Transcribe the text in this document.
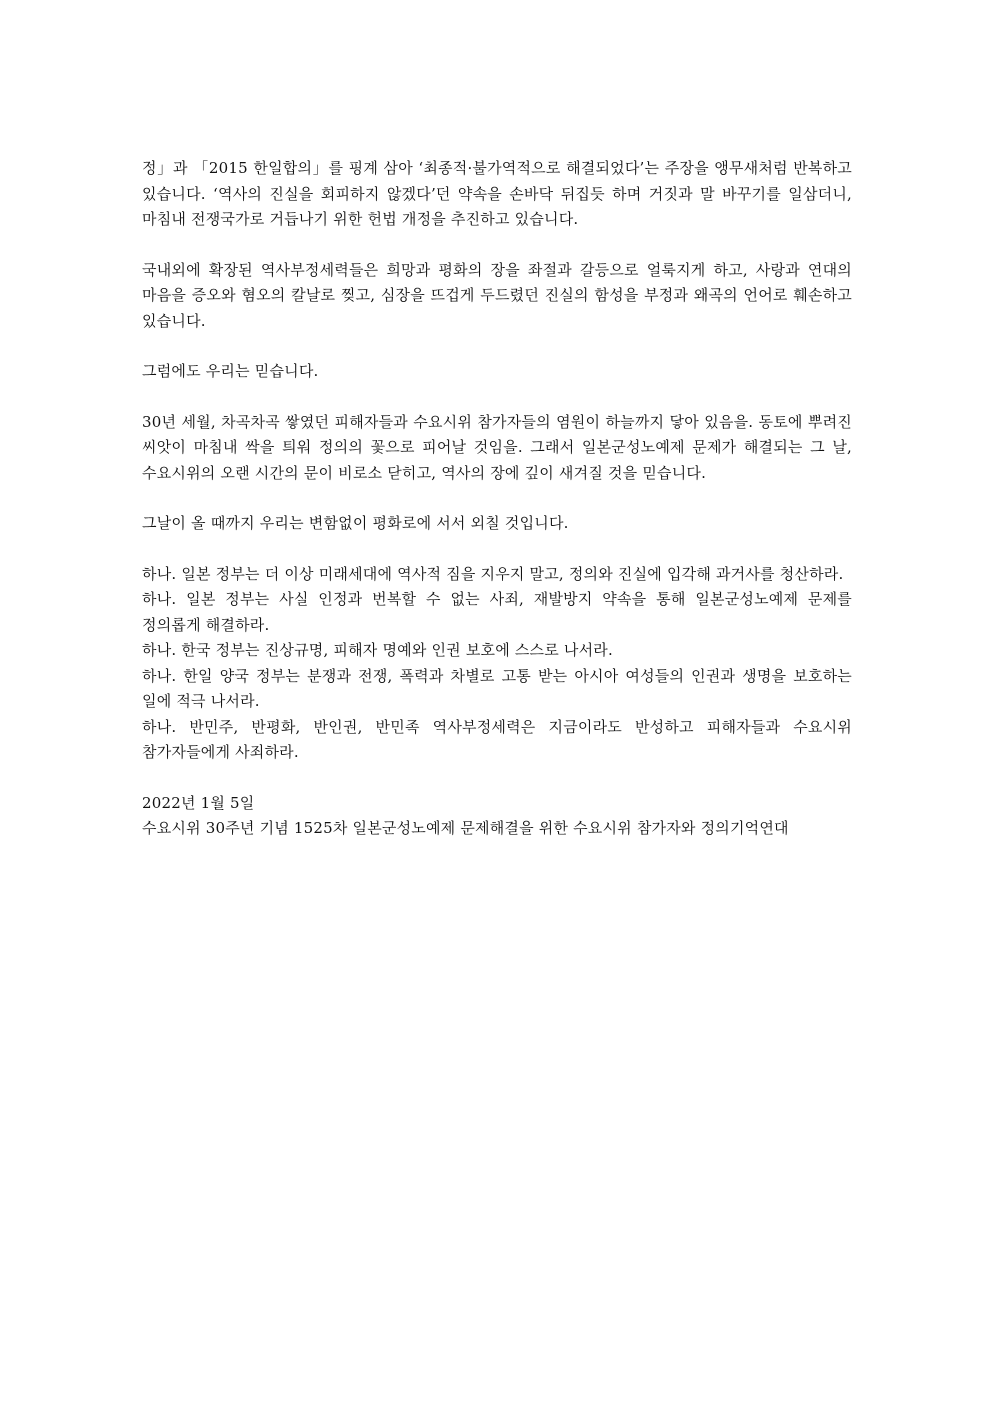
정」과 「2015 한일합의」를 핑계 삼아 ‘최종적·불가역적으로 해결되었다’는 주장을 앵무새처럼 반복하고 있습니다. ‘역사의 진실을 회피하지 않겠다’던 약속을 손바닥 뒤집듯 하며 거짓과 말 바꾸기를 일삼더니, 마침내 전쟁국가로 거듭나기 위한 헌법 개정을 추진하고 있습니다.

국내외에 확장된 역사부정세력들은 희망과 평화의 장을 좌절과 갈등으로 얼룩지게 하고, 사랑과 연대의 마음을 증오와 혐오의 칼날로 찢고, 심장을 뜨겁게 두드렸던 진실의 함성을 부정과 왜곡의 언어로 훼손하고 있습니다.

그럼에도 우리는 믿습니다.

30년 세월, 차곡차곡 쌓였던 피해자들과 수요시위 참가자들의 염원이 하늘까지 닿아 있음을. 동토에 뿌려진 씨앗이 마침내 싹을 틔워 정의의 꽃으로 피어날 것임을. 그래서 일본군성노예제 문제가 해결되는 그 날, 수요시위의 오랜 시간의 문이 비로소 닫히고, 역사의 장에 깊이 새겨질 것을 믿습니다.

그날이 올 때까지 우리는 변함없이 평화로에 서서 외칠 것입니다.

하나. 일본 정부는 더 이상 미래세대에 역사적 짐을 지우지 말고, 정의와 진실에 입각해 과거사를 청산하라.
하나. 일본 정부는 사실 인정과 번복할 수 없는 사죄, 재발방지 약속을 통해 일본군성노예제 문제를 정의롭게 해결하라.
하나. 한국 정부는 진상규명, 피해자 명예와 인권 보호에 스스로 나서라.
하나. 한일 양국 정부는 분쟁과 전쟁, 폭력과 차별로 고통 받는 아시아 여성들의 인권과 생명을 보호하는 일에 적극 나서라.
하나. 반민주, 반평화, 반인권, 반민족 역사부정세력은 지금이라도 반성하고 피해자들과 수요시위 참가자들에게 사죄하라.
2022년 1월 5일
수요시위 30주년 기념 1525차 일본군성노예제 문제해결을 위한 수요시위 참가자와 정의기억연대
